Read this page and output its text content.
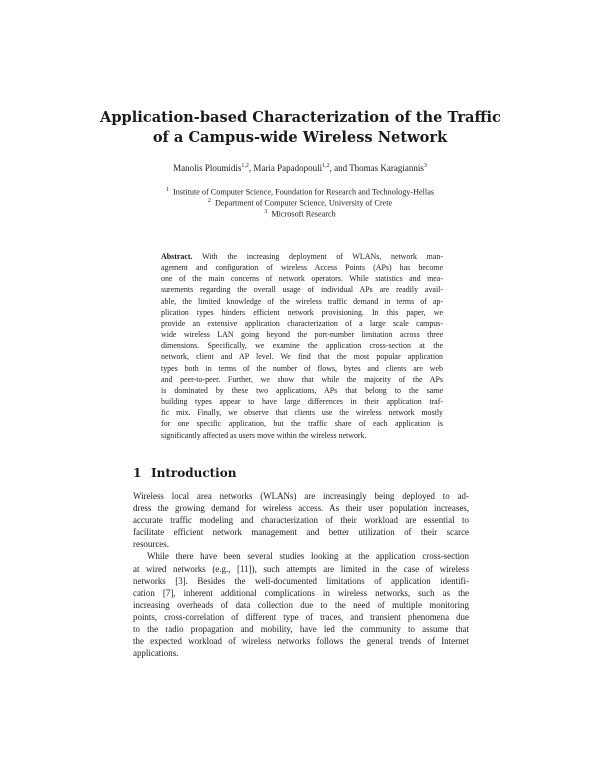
Application-based Characterization of the Traffic
of a Campus-wide Wireless Network
Manolis Ploumidis$^{1,2}$, Maria Papadopouli$^{1,2}$, and Thomas Karagiannis$^3$
$^1$ Institute of Computer Science, Foundation for Research and Technology-Hellas
$^2$ Department of Computer Science, University of Crete
$^3$ Microsoft Research
Abstract. With the increasing deployment of WLANs, network man-
agement and configuration of wireless Access Points (APs) has become
one of the main concerns of network operators. While statistics and mea-
surements regarding the overall usage of individual APs are readily avail-
able, the limited knowledge of the wireless traffic demand in terms of ap-
plication types hinders efficient network provisioning. In this paper, we
provide an extensive application characterization of a large scale campus-
wide wireless LAN going beyond the port-number limitation across three
dimensions. Specifically, we examine the application cross-section at the
network, client and AP level. We find that the most popular application
types both in terms of the number of flows, bytes and clients are web
and peer-to-peer. Further, we show that while the majority of the APs
is dominated by these two applications, APs that belong to the same
building types appear to have large differences in their application traf-
fic mix. Finally, we observe that clients use the wireless network mostly
for one specific application, but the traffic share of each application is
significantly affected as users move within the wireless network.
1 Introduction
Wireless local area networks (WLANs) are increasingly being deployed to ad-
dress the growing demand for wireless access. As their user population increases,
accurate traffic modeling and characterization of their workload are essential to
facilitate efficient network management and better utilization of their scarce
resources.
While there have been several studies looking at the application cross-section
at wired networks (e.g., [11]), such attempts are limited in the case of wireless
networks [3]. Besides the well-documented limitations of application identifi-
cation [7], inherent additional complications in wireless networks, such as the
increasing overheads of data collection due to the need of multiple monitoring
points, cross-correlation of different type of traces, and transient phenomena due
to the radio propagation and mobility, have led the community to assume that
the expected workload of wireless networks follows the general trends of Internet
applications.
